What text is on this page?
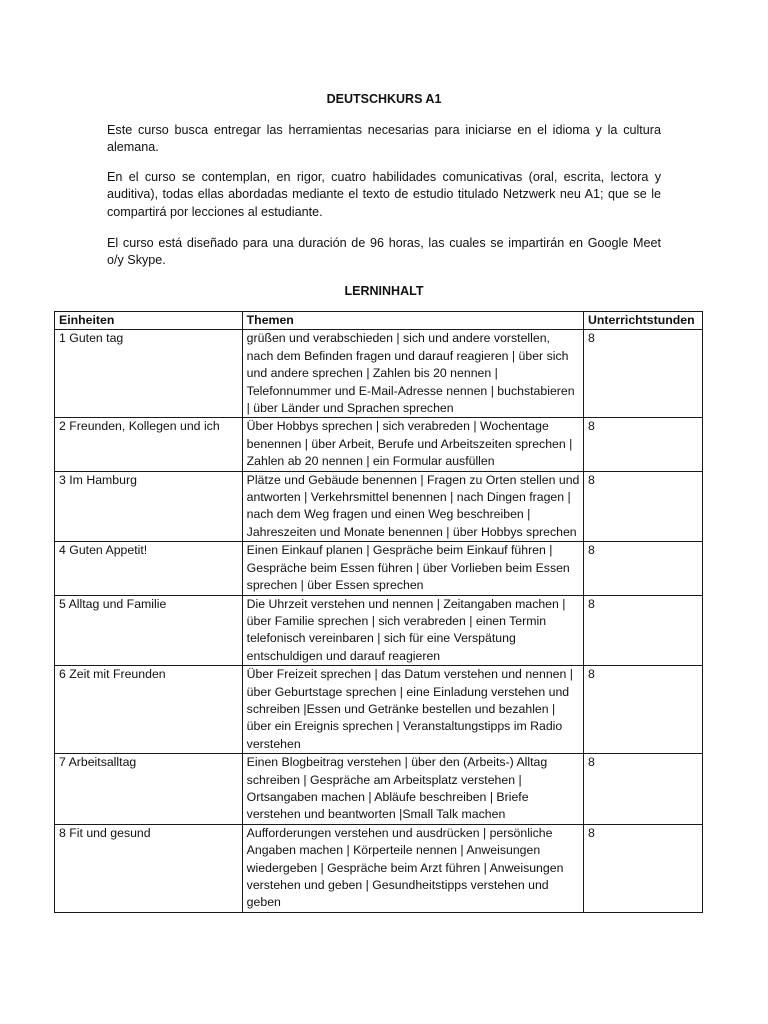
DEUTSCHKURS A1

Este curso busca entregar las herramientas necesarias para iniciarse en el idioma y la cultura alemana.

En el curso se contemplan, en rigor, cuatro habilidades comunicativas (oral, escrita, lectora y auditiva), todas ellas abordadas mediante el texto de estudio titulado Netzwerk neu A1; que se le compartirá por lecciones al estudiante.

El curso está diseñado para una duración de 96 horas, las cuales se impartirán en Google Meet o/y Skype.

LERNINHALT
Einheiten	Themen	Unterrichtstunden
1 Guten tag	grüßen und verabschieden | sich und andere vorstellen, nach dem Befinden fragen und darauf reagieren | über sich und andere sprechen | Zahlen bis 20 nennen | Telefonnummer und E-Mail-Adresse nennen | buchstabieren | über Länder und Sprachen sprechen	8
2 Freunden, Kollegen und ich	Über Hobbys sprechen | sich verabreden | Wochentage benennen | über Arbeit, Berufe und Arbeitszeiten sprechen | Zahlen ab 20 nennen | ein Formular ausfüllen	8
3 Im Hamburg	Plätze und Gebäude benennen | Fragen zu Orten stellen und antworten | Verkehrsmittel benennen | nach Dingen fragen | nach dem Weg fragen und einen Weg beschreiben | Jahreszeiten und Monate benennen | über Hobbys sprechen	8
4 Guten Appetit!	Einen Einkauf planen | Gespräche beim Einkauf führen | Gespräche beim Essen führen | über Vorlieben beim Essen sprechen | über Essen sprechen	8
5 Alltag und Familie	Die Uhrzeit verstehen und nennen | Zeitangaben machen | über Familie sprechen | sich verabreden | einen Termin telefonisch vereinbaren | sich für eine Verspätung entschuldigen und darauf reagieren	8
6 Zeit mit Freunden	Über Freizeit sprechen | das Datum verstehen und nennen | über Geburtstage sprechen | eine Einladung verstehen und schreiben |Essen und Getränke bestellen und bezahlen | über ein Ereignis sprechen | Veranstaltungstipps im Radio verstehen	8
7 Arbeitsalltag	Einen Blogbeitrag verstehen | über den (Arbeits-) Alltag schreiben | Gespräche am Arbeitsplatz verstehen | Ortsangaben machen | Abläufe beschreiben | Briefe verstehen und beantworten |Small Talk machen	8
8 Fit und gesund	Aufforderungen verstehen und ausdrücken | persönliche Angaben machen | Körperteile nennen | Anweisungen wiedergeben | Gespräche beim Arzt führen | Anweisungen verstehen und geben | Gesundheitstipps verstehen und geben	8
